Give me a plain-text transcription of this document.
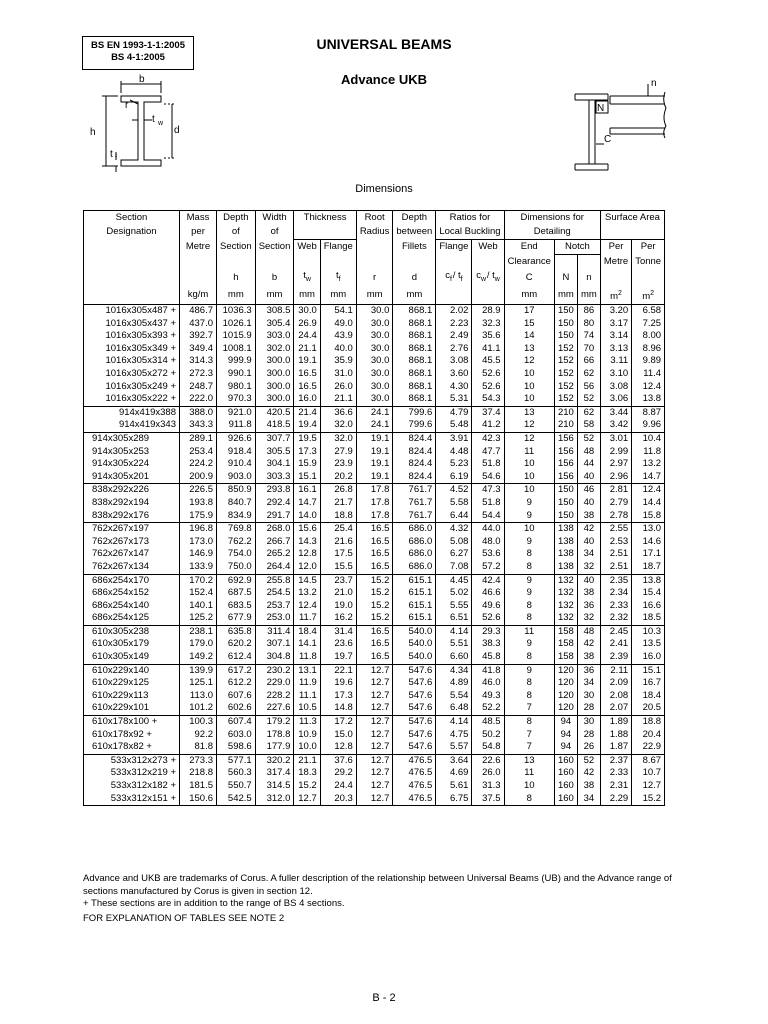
BS EN 1993-1-1:2005
BS 4-1:2005
UNIVERSAL BEAMS
Advance UKB
b
r
t w
h	d
t f
n
N
C
Dimensions
Section	Mass	Depth	Width	Thickness		Root	Depth	Ratios for		Dimensions for			Surface Area	
Designation	per	of	of			Radius	between	Local Buckling		Detailing				
	Metre	Section	Section	Web	Flange		Fillets	Flange	Web	End	Notch		Per	Per
										Clearance			Metre	Tonne
		h	b	$t_w$	$t_f$	r	d	$c_f$ / $t_f$	$c_w$ / $t_w$	C	N	n		
	kg/m	mm	mm	mm	mm	mm	mm			mm	mm	mm	$m^2$	$m^2$
1016x305x487 +	486.7	1036.3	308.5	30.0	54.1	30.0	868.1	2.02	28.9	17	150	86	3.20	6.58
1016x305x437 +	437.0	1026.1	305.4	26.9	49.0	30.0	868.1	2.23	32.3	15	150	80	3.17	7.25
1016x305x393 +	392.7	1015.9	303.0	24.4	43.9	30.0	868.1	2.49	35.6	14	150	74	3.14	8.00
1016x305x349 +	349.4	1008.1	302.0	21.1	40.0	30.0	868.1	2.76	41.1	13	152	70	3.13	8.96
1016x305x314 +	314.3	999.9	300.0	19.1	35.9	30.0	868.1	3.08	45.5	12	152	66	3.11	9.89
1016x305x272 +	272.3	990.1	300.0	16.5	31.0	30.0	868.1	3.60	52.6	10	152	62	3.10	11.4
1016x305x249 +	248.7	980.1	300.0	16.5	26.0	30.0	868.1	4.30	52.6	10	152	56	3.08	12.4
1016x305x222 +	222.0	970.3	300.0	16.0	21.1	30.0	868.1	5.31	54.3	10	152	52	3.06	13.8
914x419x388	388.0	921.0	420.5	21.4	36.6	24.1	799.6	4.79	37.4	13	210	62	3.44	8.87
914x419x343	343.3	911.8	418.5	19.4	32.0	24.1	799.6	5.48	41.2	12	210	58	3.42	9.96
914x305x289	289.1	926.6	307.7	19.5	32.0	19.1	824.4	3.91	42.3	12	156	52	3.01	10.4
914x305x253	253.4	918.4	305.5	17.3	27.9	19.1	824.4	4.48	47.7	11	156	48	2.99	11.8
914x305x224	224.2	910.4	304.1	15.9	23.9	19.1	824.4	5.23	51.8	10	156	44	2.97	13.2
914x305x201	200.9	903.0	303.3	15.1	20.2	19.1	824.4	6.19	54.6	10	156	40	2.96	14.7
838x292x226	226.5	850.9	293.8	16.1	26.8	17.8	761.7	4.52	47.3	10	150	46	2.81	12.4
838x292x194	193.8	840.7	292.4	14.7	21.7	17.8	761.7	5.58	51.8	9	150	40	2.79	14.4
838x292x176	175.9	834.9	291.7	14.0	18.8	17.8	761.7	6.44	54.4	9	150	38	2.78	15.8
762x267x197	196.8	769.8	268.0	15.6	25.4	16.5	686.0	4.32	44.0	10	138	42	2.55	13.0
762x267x173	173.0	762.2	266.7	14.3	21.6	16.5	686.0	5.08	48.0	9	138	40	2.53	14.6
762x267x147	146.9	754.0	265.2	12.8	17.5	16.5	686.0	6.27	53.6	8	138	34	2.51	17.1
762x267x134	133.9	750.0	264.4	12.0	15.5	16.5	686.0	7.08	57.2	8	138	32	2.51	18.7
686x254x170	170.2	692.9	255.8	14.5	23.7	15.2	615.1	4.45	42.4	9	132	40	2.35	13.8
686x254x152	152.4	687.5	254.5	13.2	21.0	15.2	615.1	5.02	46.6	9	132	38	2.34	15.4
686x254x140	140.1	683.5	253.7	12.4	19.0	15.2	615.1	5.55	49.6	8	132	36	2.33	16.6
686x254x125	125.2	677.9	253.0	11.7	16.2	15.2	615.1	6.51	52.6	8	132	32	2.32	18.5
610x305x238	238.1	635.8	311.4	18.4	31.4	16.5	540.0	4.14	29.3	11	158	48	2.45	10.3
610x305x179	179.0	620.2	307.1	14.1	23.6	16.5	540.0	5.51	38.3	9	158	42	2.41	13.5
610x305x149	149.2	612.4	304.8	11.8	19.7	16.5	540.0	6.60	45.8	8	158	38	2.39	16.0
610x229x140	139.9	617.2	230.2	13.1	22.1	12.7	547.6	4.34	41.8	9	120	36	2.11	15.1
610x229x125	125.1	612.2	229.0	11.9	19.6	12.7	547.6	4.89	46.0	8	120	34	2.09	16.7
610x229x113	113.0	607.6	228.2	11.1	17.3	12.7	547.6	5.54	49.3	8	120	30	2.08	18.4
610x229x101	101.2	602.6	227.6	10.5	14.8	12.7	547.6	6.48	52.2	7	120	28	2.07	20.5
610x178x100 +	100.3	607.4	179.2	11.3	17.2	12.7	547.6	4.14	48.5	8	94	30	1.89	18.8
610x178x92 +	92.2	603.0	178.8	10.9	15.0	12.7	547.6	4.75	50.2	7	94	28	1.88	20.4
610x178x82 +	81.8	598.6	177.9	10.0	12.8	12.7	547.6	5.57	54.8	7	94	26	1.87	22.9
533x312x273 +	273.3	577.1	320.2	21.1	37.6	12.7	476.5	3.64	22.6	13	160	52	2.37	8.67
533x312x219 +	218.8	560.3	317.4	18.3	29.2	12.7	476.5	4.69	26.0	11	160	42	2.33	10.7
533x312x182 +	181.5	550.7	314.5	15.2	24.4	12.7	476.5	5.61	31.3	10	160	38	2.31	12.7
533x312x151 +	150.6	542.5	312.0	12.7	20.3	12.7	476.5	6.75	37.5	8	160	34	2.29	15.2

Advance and UKB are trademarks of Corus. A fuller description of the relationship between Universal Beams (UB) and the Advance range of sections manufactured by Corus is given in section 12.

+ These sections are in addition to the range of BS 4 sections.

FOR EXPLANATION OF TABLES SEE NOTE 2

B - 2
